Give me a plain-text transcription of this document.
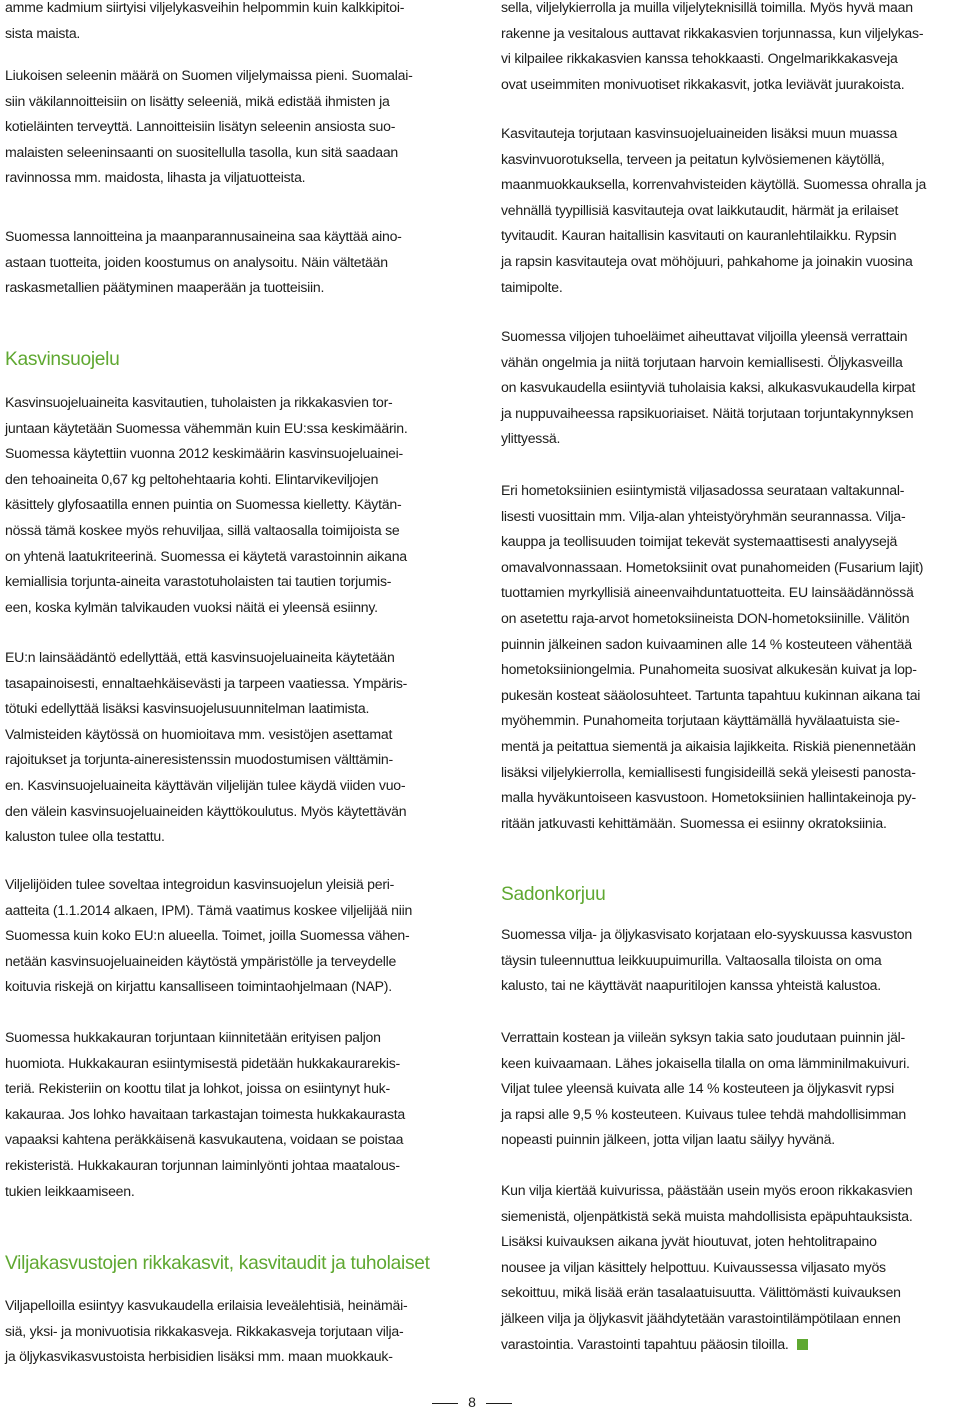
amme kadmium siirtyisi viljelykasveihin helpommin kuin kalkkipitoi-
sista maista.

Liukoisen seleenin määrä on Suomen viljelymaissa pieni. Suomalai-
siin väkilannoitteisiin on lisätty seleeniä, mikä edistää ihmisten ja
kotieläinten terveyttä. Lannoitteisiin lisätyn seleenin ansiosta suo-
malaisten seleeninsaanti on suositellulla tasolla, kun sitä saadaan
ravinnossa mm. maidosta, lihasta ja viljatuotteista.

Suomessa lannoitteina ja maanparannusaineina saa käyttää aino-
astaan tuotteita, joiden koostumus on analysoitu. Näin vältetään
raskasmetallien päätyminen maaperään ja tuotteisiin.

Kasvinsuojelu

Kasvinsuojeluaineita kasvitautien, tuholaisten ja rikkakasvien tor-
juntaan käytetään Suomessa vähemmän kuin EU:ssa keskimäärin.
Suomessa käytettiin vuonna 2012 keskimäärin kasvinsuojeluainei-
den tehoaineita 0,67 kg peltohehtaaria kohti. Elintarvikeviljojen
käsittely glyfosaatilla ennen puintia on Suomessa kielletty. Käytän-
nössä tämä koskee myös rehuviljaa, sillä valtaosalla toimijoista se
on yhtenä laatukriteerinä. Suomessa ei käytetä varastoinnin aikana
kemiallisia torjunta-aineita varastotuholaisten tai tautien torjumis-
een, koska kylmän talvikauden vuoksi näitä ei yleensä esiinny.

EU:n lainsäädäntö edellyttää, että kasvinsuojeluaineita käytetään
tasapainoisesti, ennaltaehkäisevästi ja tarpeen vaatiessa. Ympäris-
tötuki edellyttää lisäksi kasvinsuojelusuunnitelman laatimista.
Valmisteiden käytössä on huomioitava mm. vesistöjen asettamat
rajoitukset ja torjunta-aineresistenssin muodostumisen välttämin-
en. Kasvinsuojeluaineita käyttävän viljelijän tulee käydä viiden vuo-
den välein kasvinsuojeluaineiden käyttökoulutus. Myös käytettävän
kaluston tulee olla testattu.

Viljelijöiden tulee soveltaa integroidun kasvinsuojelun yleisiä peri-
aatteita (1.1.2014 alkaen, IPM). Tämä vaatimus koskee viljelijää niin
Suomessa kuin koko EU:n alueella. Toimet, joilla Suomessa vähen-
netään kasvinsuojeluaineiden käytöstä ympäristölle ja terveydelle
koituvia riskejä on kirjattu kansalliseen toimintaohjelmaan (NAP).

Suomessa hukkakauran torjuntaan kiinnitetään erityisen paljon
huomiota. Hukkakauran esiintymisestä pidetään hukkakaurarekis-
teriä. Rekisteriin on koottu tilat ja lohkot, joissa on esiintynyt huk-
kakauraa. Jos lohko havaitaan tarkastajan toimesta hukkakaurasta
vapaaksi kahtena peräkkäisenä kasvukautena, voidaan se poistaa
rekisteristä. Hukkakauran torjunnan laiminlyönti johtaa maatalous-
tukien leikkaamiseen.

Viljakasvustojen rikkakasvit, kasvitaudit ja tuholaiset

Viljapelloilla esiintyy kasvukaudella erilaisia leveälehtisiä, heinämäi-
siä, yksi- ja monivuotisia rikkakasveja. Rikkakasveja torjutaan vilja-
ja öljykasvikasvustoista herbisidien lisäksi mm. maan muokkauk-

sella, viljelykierrolla ja muilla viljelyteknisillä toimilla. Myös hyvä maan
rakenne ja vesitalous auttavat rikkakasvien torjunnassa, kun viljelykas-
vi kilpailee rikkakasvien kanssa tehokkaasti. Ongelmarikkakasveja
ovat useimmiten monivuotiset rikkakasvit, jotka leviävät juurakoista.

Kasvitauteja torjutaan kasvinsuojeluaineiden lisäksi muun muassa
kasvinvuorotuksella, terveen ja peitatun kylvösiemenen käytöllä,
maanmuokkauksella, korrenvahvisteiden käytöllä. Suomessa ohralla ja
vehnällä tyypillisiä kasvitauteja ovat laikkutaudit, härmät ja erilaiset
tyvitaudit. Kauran haitallisin kasvitauti on kauranlehtilaikku. Rypsin
ja rapsin kasvitauteja ovat möhöjuuri, pahkahome ja joinakin vuosina
taimipolte.

Suomessa viljojen tuhoeläimet aiheuttavat viljoilla yleensä verrattain
vähän ongelmia ja niitä torjutaan harvoin kemiallisesti. Öljykasveilla
on kasvukaudella esiintyviä tuholaisia kaksi, alkukasvukaudella kirpat
ja nuppuvaiheessa rapsikuoriaiset. Näitä torjutaan torjuntakynnyksen
ylittyessä.

Eri hometoksiinien esiintymistä viljasadossa seurataan valtakunnal-
lisesti vuosittain mm. Vilja-alan yhteistyöryhmän seurannassa. Vilja-
kauppa ja teollisuuden toimijat tekevät systemaattisesti analyysejä
omavalvonnassaan. Hometoksiinit ovat punahomeiden (Fusarium lajit)
tuottamien myrkyllisiä aineenvaihduntatuotteita. EU lainsäädännössä
on asetettu raja-arvot hometoksiineista DON-hometoksiinille. Välitön
puinnin jälkeinen sadon kuivaaminen alle 14 % kosteuteen vähentää
hometoksiiniongelmia. Punahomeita suosivat alkukesän kuivat ja lop-
pukesän kosteat sääolosuhteet. Tartunta tapahtuu kukinnan aikana tai
myöhemmin. Punahomeita torjutaan käyttämällä hyvälaatuista sie-
mentä ja peitattua siementä ja aikaisia lajikkeita. Riskiä pienennetään
lisäksi viljelykierrolla, kemiallisesti fungisideillä sekä yleisesti panosta-
malla hyväkuntoiseen kasvustoon. Hometoksiinien hallintakeinoja py-
ritään jatkuvasti kehittämään. Suomessa ei esiinny okratoksiinia.

Sadonkorjuu

Suomessa vilja- ja öljykasvisato korjataan elo-syyskuussa kasvuston
täysin tuleennuttua leikkuupuimurilla. Valtaosalla tiloista on oma
kalusto, tai ne käyttävät naapuritilojen kanssa yhteistä kalustoa.

Verrattain kostean ja viileän syksyn takia sato joudutaan puinnin jäl-
keen kuivaamaan. Lähes jokaisella tilalla on oma lämminilmakuivuri.
Viljat tulee yleensä kuivata alle 14 % kosteuteen ja öljykasvit rypsi
ja rapsi alle 9,5 % kosteuteen. Kuivaus tulee tehdä mahdollisimman
nopeasti puinnin jälkeen, jotta viljan laatu säilyy hyvänä.

Kun vilja kiertää kuivurissa, päästään usein myös eroon rikkakasvien
siemenistä, oljenpätkistä sekä muista mahdollisista epäpuhtauksista.
Lisäksi kuivauksen aikana jyvät hioutuvat, joten hehtolitrapaino
nousee ja viljan käsittely helpottuu. Kuivaussessa viljasato myös
sekoittuu, mikä lisää erän tasalaatuisuutta. Välittömästi kuivauksen
jälkeen vilja ja öljykasvit jäähdytetään varastointilämpötilaan ennen
varastointia. Varastointi tapahtuu pääosin tiloilla.

8
